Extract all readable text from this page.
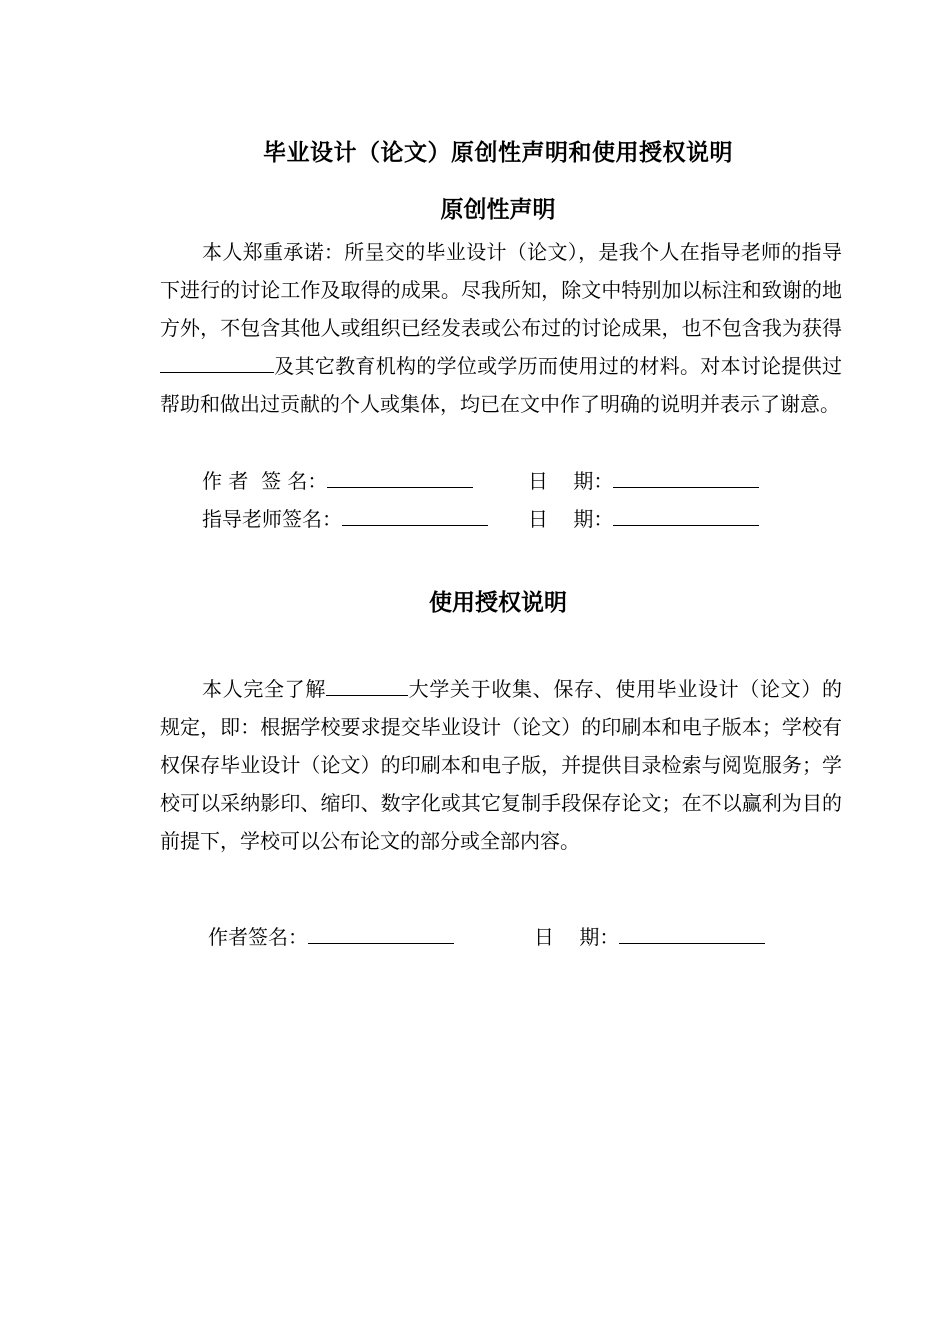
毕业设计（论文）原创性声明和使用授权说明
原创性声明
本人郑重承诺：所呈交的毕业设计（论文），是我个人在指导老师的指导下进行的讨论工作及取得的成果。尽我所知，除文中特别加以标注和致谢的地方外，不包含其他人或组织已经发表或公布过的讨论成果，也不包含我为获得及其它教育机构的学位或学历而使用过的材料。对本讨论提供过帮助和做出过贡献的个人或集体，均已在文中作了明确的说明并表示了谢意。
作 者  签 名：	日    期：
指导老师签名：	日    期：
使用授权说明
本人完全了解	大学关于收集、保存、使用毕业设计（论文）的规定，即：根据学校要求提交毕业设计（论文）的印刷本和电子版本；学校有权保存毕业设计（论文）的印刷本和电子版，并提供目录检索与阅览服务；学校可以采纳影印、缩印、数字化或其它复制手段保存论文；在不以赢利为目的前提下，学校可以公布论文的部分或全部内容。
作者签名：	日    期：
